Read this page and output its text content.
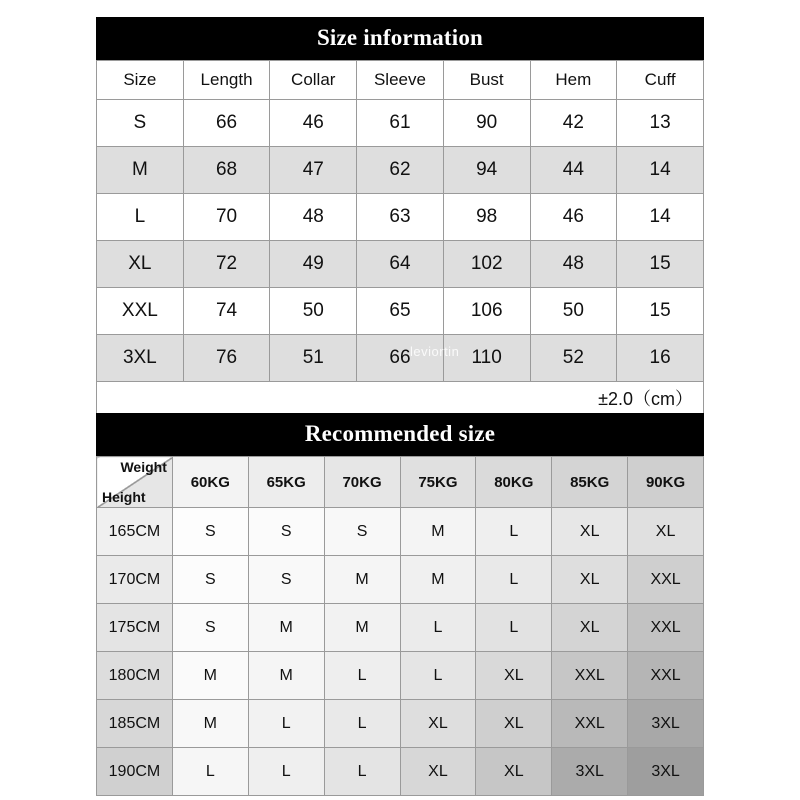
Size information
Size	Length	Collar	Sleeve	Bust	Hem	Cuff
S	66	46	61	90	42	13
M	68	47	62	94	44	14
L	70	48	63	98	46	14
XL	72	49	64	102	48	15
XXL	74	50	65	106	50	15
3XL	76	51	66	110	52	16
±2.0（cm）
leviortin
Recommended size
Weight
Height	60KG	65KG	70KG	75KG	80KG	85KG	90KG
165CM	S	S	S	M	L	XL	XL
170CM	S	S	M	M	L	XL	XXL
175CM	S	M	M	L	L	XL	XXL
180CM	M	M	L	L	XL	XXL	XXL
185CM	M	L	L	XL	XL	XXL	3XL
190CM	L	L	L	XL	XL	3XL	3XL
